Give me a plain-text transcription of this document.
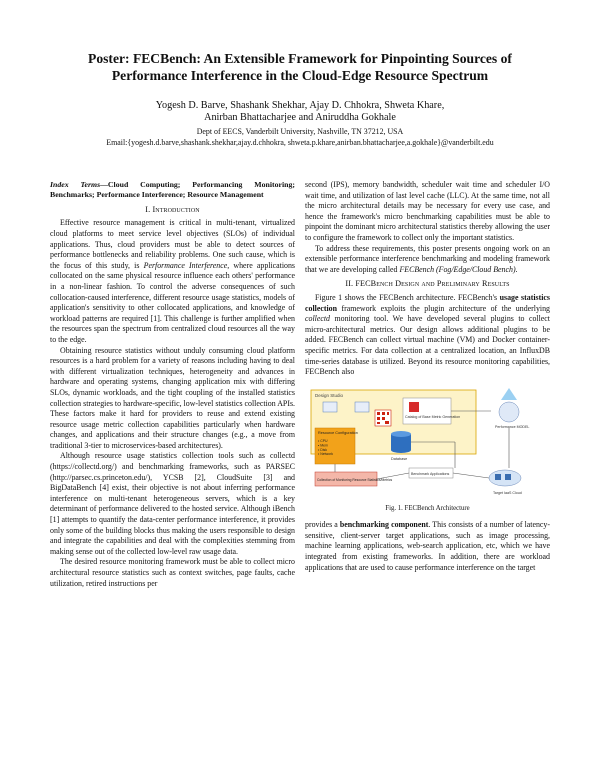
Poster: FECBench: An Extensible Framework for Pinpointing Sources of
Performance Interference in the Cloud-Edge Resource Spectrum
Yogesh D. Barve, Shashank Shekhar, Ajay D. Chhokra, Shweta Khare,
Anirban Bhattacharjee and Aniruddha Gokhale
Dept of EECS, Vanderbilt University, Nashville, TN 37212, USA
Email:{yogesh.d.barve,shashank.shekhar,ajay.d.chhokra, shweta.p.khare,anirban.bhattacharjee,a.gokhale}@vanderbilt.edu

Index Terms—Cloud Computing; Performancing Monitoring; Benchmarks; Performance Interference; Resource Management

I. Introduction

Effective resource management is critical in multi-tenant, virtualized cloud platforms to meet service level objectives (SLOs) of individual applications. Thus, cloud providers must be able to detect sources of performance bottlenecks and reliability problems. One such cause, which is the focus of this study, is Performance Interference, where applications collocated on the same physical resource influence each others' performance in a non-linear fashion. To control the adverse consequences of such collocation-caused interference, different resource usage statistics, models of application's sensitivity to other collocated applications, and knowledge of workload patterns are required [1]. This challenge is further amplified when the resources span the spectrum from centralized cloud resources all the way to the edge.

Obtaining resource statistics without unduly consuming cloud platform resources is a hard problem for a variety of reasons including having to deal with different virtualization techniques, heterogeneity and advances in hardware and operating systems, changing application mix with differing SLOs, dynamic workloads, and the tight coupling of the installed statistics collection strategies to hardware-specific, low-level statistics collection APIs. These factors make it hard for providers to reuse and extend existing resource usage metric collection capabilities particularly when hardware changes, and applications and their structure changes (e.g., a move from traditional 3-tier to microservices-based architectures).

Although resource usage statistics collection tools such as collectd (https://collectd.org/) and benchmarking frameworks, such as PARSEC (http://parsec.cs.princeton.edu/), YCSB [2], CloudSuite [3] and BigDataBench [4] exist, their objective is not about inferring performance interference on multi-tenant heterogeneous servers, which is a key determinant of performance delivered to the hosted service. Although iBench [1] attempts to quantify the data-center performance interference, it provides only some of the building blocks thus making the users responsible to design and integrate the capabilities and deal with the complexities stemming from making sense out of the collected low-level raw usage data.

The desired resource monitoring framework must be able to collect micro architectural resource statistics such as context switches, page faults, cache utilization, retired instructions per

second (IPS), memory bandwidth, scheduler wait time and scheduler I/O wait time, and utilization of last level cache (LLC). At the same time, not all the micro architectural details may be necessary for every use case, and hence the framework's micro benchmarking capabilities must be able to pinpoint the dominant micro architectural statistics thereby allowing the user to configure the framework to collect only the important statistics.

To address these requirements, this poster presents ongoing work on an extensible performance interference benchmarking and modeling framework that we are developing called FECBench (Fog/Edge/Cloud Bench).

II. FECBench Design and Preliminary Results

Figure 1 shows the FECBench architecture. FECBench's usage statistics collection framework exploits the plugin architecture of the underlying collectd monitoring tool. We have developed several plugins to collect micro-architectural metrics. Our design allows additional plugins to be added. FECBench can collect virtual machine (VM) and Docker container-specific metrics. For data collection at a centralized location, an InfluxDB time-series database is utilized. Beyond its resource monitoring capabilities, FECBench also

Design Studio
Catalog of Base Metric Generation
Resource Configuration
• CPU • Mem • Disk • Network
Database
Collection of Monitoring Resource Statistics/Metrics
Benchmark Applications
Performance MODEL
Target IaaS Cloud
Fig. 1. FECBench Architecture

provides a benchmarking component. This consists of a number of latency-sensitive, client-server target applications, such as image processing, machine learning applications, web-search application, etc, which we have integrated from existing frameworks. In addition, there are workload applications that are used to cause performance interference on the target
